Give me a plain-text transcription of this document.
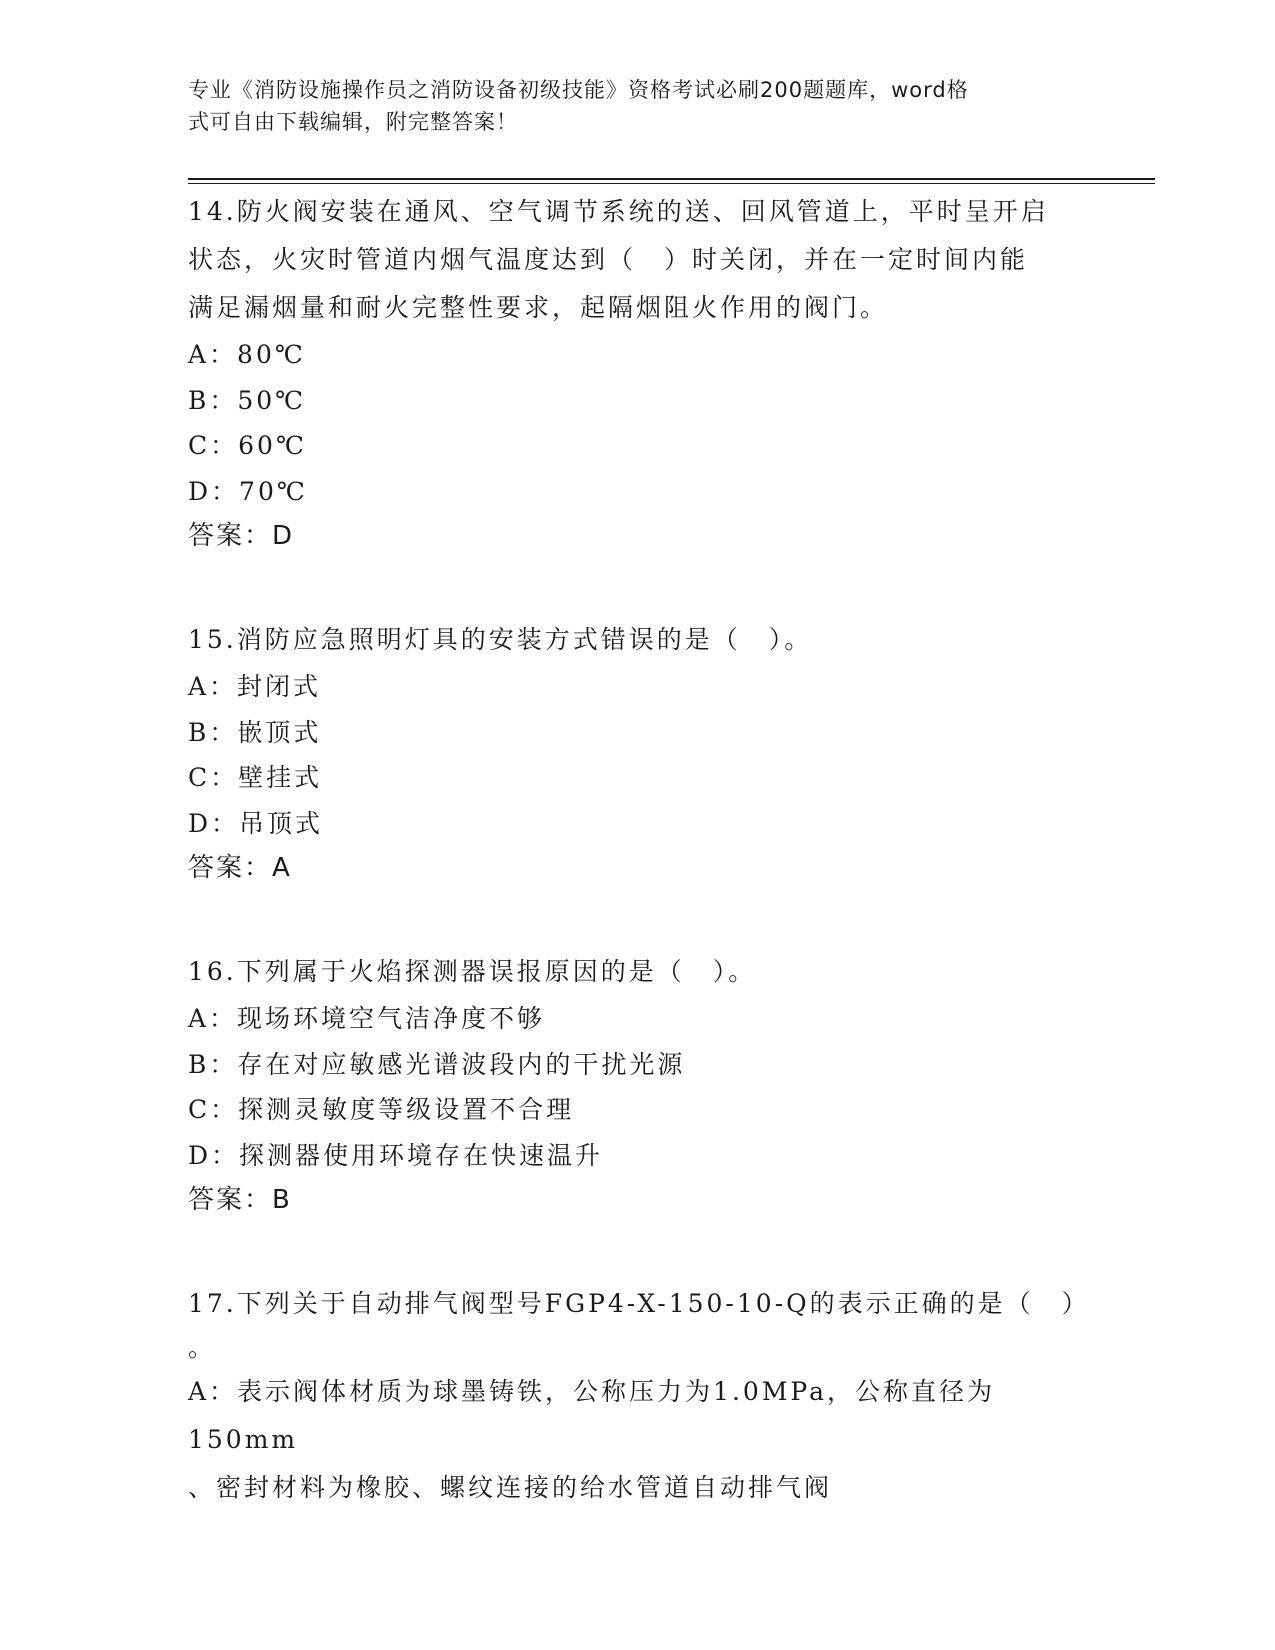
专业《消防设施操作员之消防设备初级技能》资格考试必刷200题题库，word格
式可自由下载编辑，附完整答案！

14.防火阀安装在通风、空气调节系统的送、回风管道上，平时呈开启

状态，火灾时管道内烟气温度达到（　）时关闭，并在一定时间内能

满足漏烟量和耐火完整性要求，起隔烟阻火作用的阀门。

A：80℃

B：50℃

C：60℃

D：70℃

答案：D

15.消防应急照明灯具的安装方式错误的是（　）。

A：封闭式

B：嵌顶式

C：壁挂式

D：吊顶式

答案：A

16.下列属于火焰探测器误报原因的是（　）。

A：现场环境空气洁净度不够

B：存在对应敏感光谱波段内的干扰光源

C：探测灵敏度等级设置不合理

D：探测器使用环境存在快速温升

答案：B

17.下列关于自动排气阀型号FGP4-X-150-10-Q的表示正确的是（　）

。

A：表示阀体材质为球墨铸铁，公称压力为1.0MPa，公称直径为150mm

、密封材料为橡胶、螺纹连接的给水管道自动排气阀
